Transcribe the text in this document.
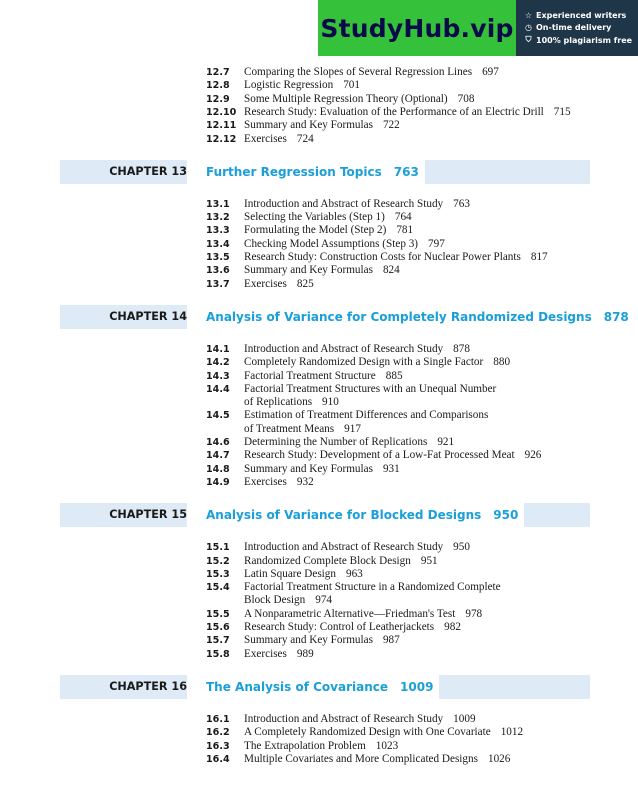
StudyHub.vip ☆ Experienced writers
◷ On-time delivery
⛉ 100% plagiarism free
12.7 Comparing the Slopes of Several Regression Lines 697
12.8 Logistic Regression 701
12.9 Some Multiple Regression Theory (Optional) 708
12.10 Research Study: Evaluation of the Performance of an Electric Drill 715
12.11 Summary and Key Formulas 722
12.12 Exercises 724
CHAPTER 13 Further Regression Topics 763
13.1 Introduction and Abstract of Research Study 763
13.2 Selecting the Variables (Step 1) 764
13.3 Formulating the Model (Step 2) 781
13.4 Checking Model Assumptions (Step 3) 797
13.5 Research Study: Construction Costs for Nuclear Power Plants 817
13.6 Summary and Key Formulas 824
13.7 Exercises 825
CHAPTER 14 Analysis of Variance for Completely Randomized Designs 878
14.1 Introduction and Abstract of Research Study 878
14.2 Completely Randomized Design with a Single Factor 880
14.3 Factorial Treatment Structure 885
14.4 Factorial Treatment Structures with an Unequal Number
of Replications 910
14.5 Estimation of Treatment Differences and Comparisons
of Treatment Means 917
14.6 Determining the Number of Replications 921
14.7 Research Study: Development of a Low-Fat Processed Meat 926
14.8 Summary and Key Formulas 931
14.9 Exercises 932
CHAPTER 15 Analysis of Variance for Blocked Designs 950
15.1 Introduction and Abstract of Research Study 950
15.2 Randomized Complete Block Design 951
15.3 Latin Square Design 963
15.4 Factorial Treatment Structure in a Randomized Complete
Block Design 974
15.5 A Nonparametric Alternative—Friedman's Test 978
15.6 Research Study: Control of Leatherjackets 982
15.7 Summary and Key Formulas 987
15.8 Exercises 989
CHAPTER 16 The Analysis of Covariance 1009
16.1 Introduction and Abstract of Research Study 1009
16.2 A Completely Randomized Design with One Covariate 1012
16.3 The Extrapolation Problem 1023
16.4 Multiple Covariates and More Complicated Designs 1026
